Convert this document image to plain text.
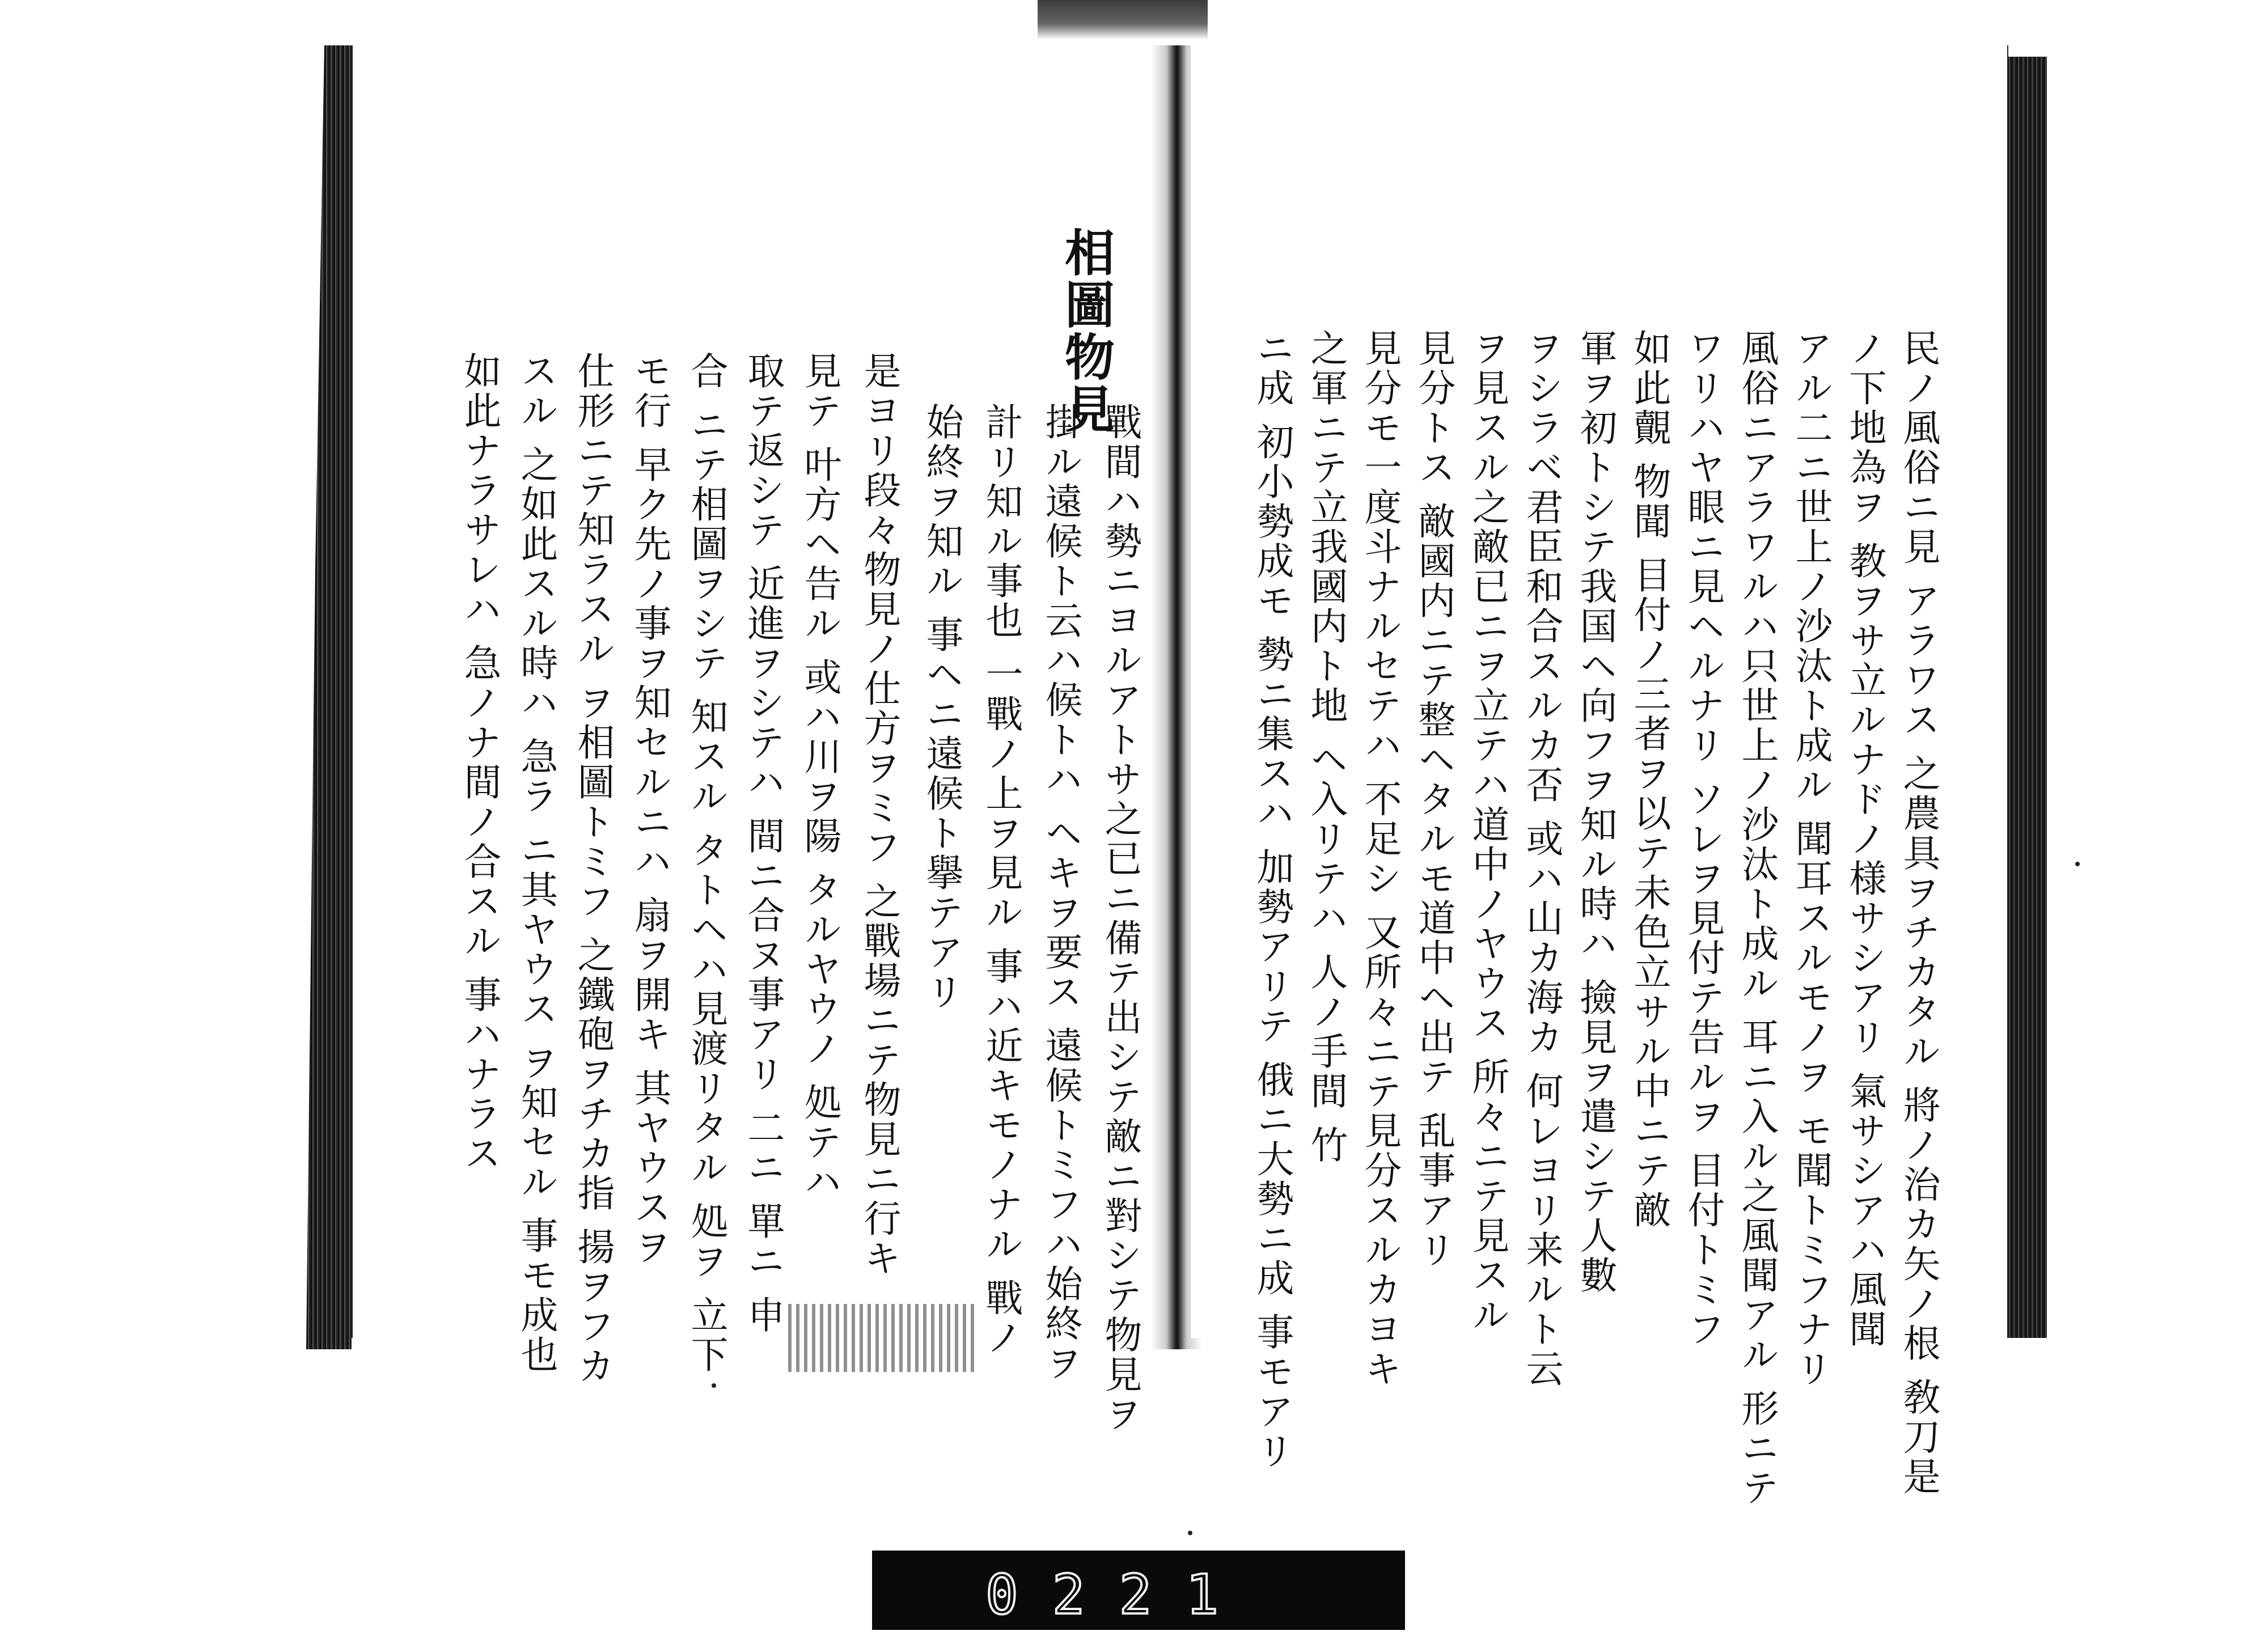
相圖物見
戰間ハ勢ニヨルアトサ之已ニ備テ出シテ敵ニ對シテ物見ヲ
掛ル遠候ト云ハ候トハ ヘキヲ要ス 遠候トミフハ始終ヲ
計リ知ル事也 一戰ノ上ヲ見ル 事ハ近キモノナル 戰ノ
始終ヲ知ル 事ヘニ遠候ト擧テアリ
是ヨリ段々物見ノ仕方ヲミフ 之戰場ニテ物見ニ行キ
見テ 叶方ヘ告ル 或ハ川ヲ陽 タルヤウノ 処テハ
取テ返シテ 近進ヲシテハ 間ニ合ヌ事アリ 二ニ 單ニ 申
合 ニテ相圖ヲシテ 知スル タトヘハ見渡リタル 処ヲ 立下
モ行 早ク先ノ事ヲ知セルニハ 扇ヲ開キ 其ヤウスヲ
仕形ニテ知ラスル ヲ相圖トミフ 之鐵砲ヲチカ指 揚ヲフカ
スル 之如此スル時ハ 急ラ ニ其ヤウス ヲ知セル 事モ成也
如此ナラサレハ 急ノナ間ノ合スル 事ハナラス	民ノ風俗ニ見 アラワス 之農具ヲチカタル 將ノ治カ矢ノ根 敎刀是
ノ下地為ヲ 教ヲサ立ルナドノ様サシアリ 氣サシアハ風聞
アル二ニ世上ノ沙汰ト成ル 聞耳スルモノヲ モ聞トミフナリ
風俗ニアラワルハ只世上ノ沙汰ト成ル 耳ニ入ル之風聞アル 形ニテ
ワリハヤ眼ニ見ヘルナリ ソレヲ見付テ告ルヲ 目付トミフ
如此覿 物聞 目付ノ三者ヲ以テ未色立サル中ニテ敵
軍ヲ初トシテ我国ヘ向フヲ知ル時ハ 撿見ヲ遣シテ人數
ヲシラベ君臣和合スルカ否 或ハ山カ海カ 何レヨリ来ルト云
ヲ見スル之敵已ニヲ立テハ道中ノヤウス 所々ニテ見スル
見分トス 敵國内ニテ整ヘタルモ道中ヘ出テ 乱事アリ
見分モ一度斗ナルセテハ 不足シ 又所々ニテ見分スルカヨキ
之軍ニテ立我國内ト地 ヘ入リテハ 人ノ手間 竹
ニ成 初小勢成モ 勢ニ集スハ 加勢アリテ 俄ニ大勢ニ成 事モアリ
0221
